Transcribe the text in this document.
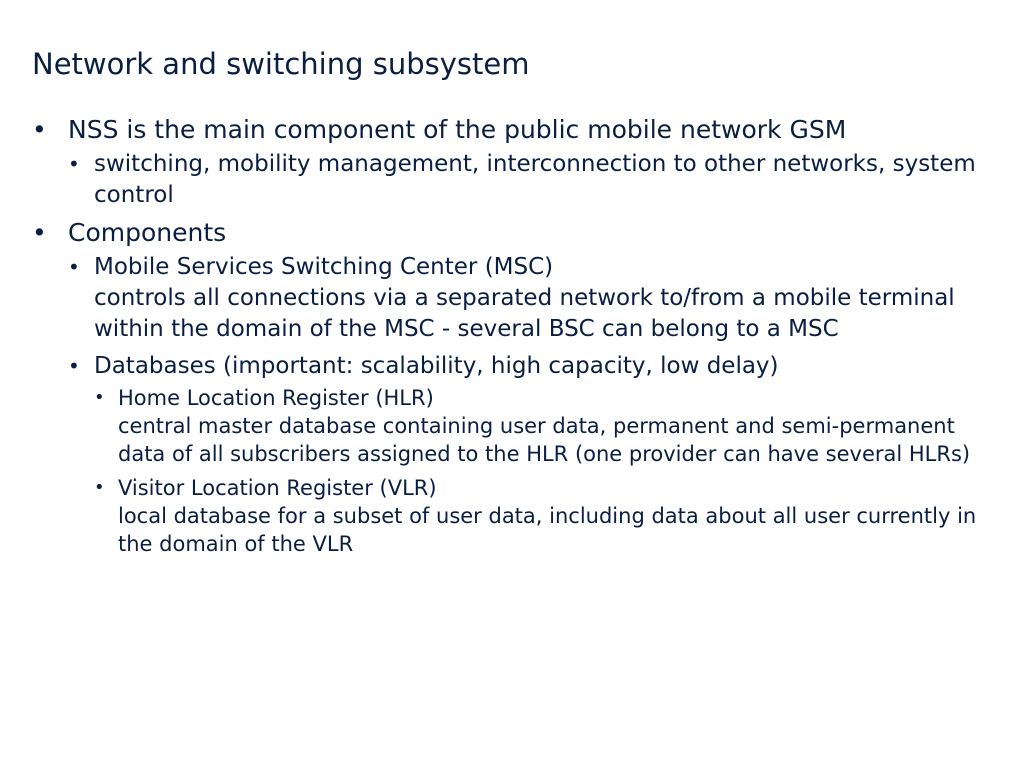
Network and switching subsystem
• NSS is the main component of the public mobile network GSM
• switching, mobility management, interconnection to other networks, system control
• Components
• Mobile Services Switching Center (MSC)
controls all connections via a separated network to/from a mobile terminal within the domain of the MSC - several BSC can belong to a MSC
• Databases (important: scalability, high capacity, low delay)
• Home Location Register (HLR)
central master database containing user data, permanent and semi-permanent data of all subscribers assigned to the HLR (one provider can have several HLRs)
• Visitor Location Register (VLR)
local database for a subset of user data, including data about all user currently in the domain of the VLR
